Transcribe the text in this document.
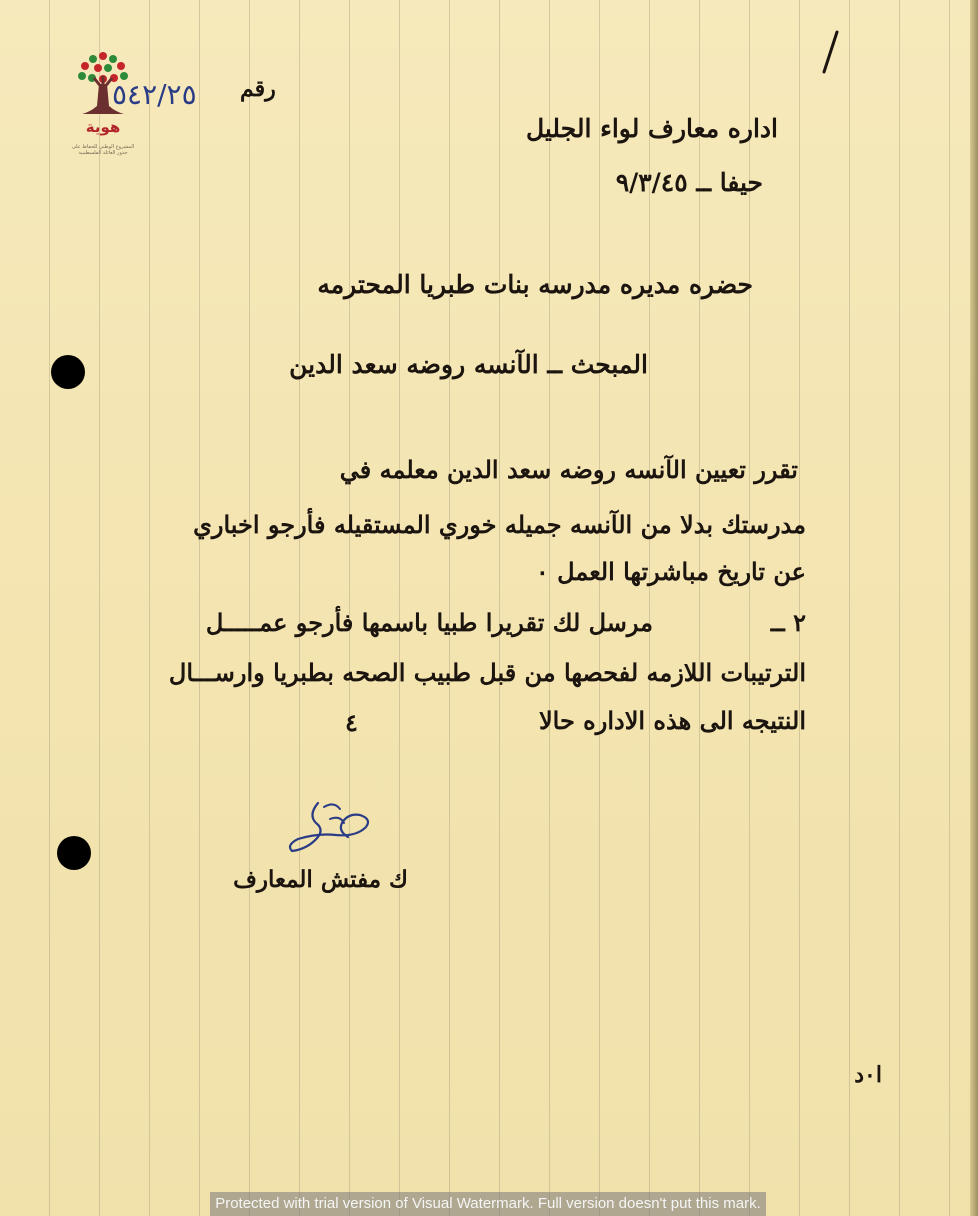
هوية
المشروع الوطني للحفاظ على جذور العائلة الفلسطينية
رقم
٥٤٢/٢٥
اداره معارف لواء الجليل
حيفا ــ ٩/٣/٤٥
حضره مديره مدرسه بنات طبريا المحترمه
المبحث ــ الآنسه روضه سعد الدين
تقرر تعيين الآنسه روضه سعد الدين معلمه في
مدرستك بدلا من الآنسه جميله خوري المستقيله فأرجو اخباري
عن تاريخ مباشرتها العمل ٠
٢ ــ
مرسل لك تقريرا طبيا باسمها فأرجو عمـــــل
الترتيبات اللازمه لفحصها من قبل طبيب الصحه بطبريا وارســـال
النتيجه الى هذه الاداره حالا
٤
ك مفتش المعارف
ا٠د
Protected with trial version of Visual Watermark. Full version doesn't put this mark.
